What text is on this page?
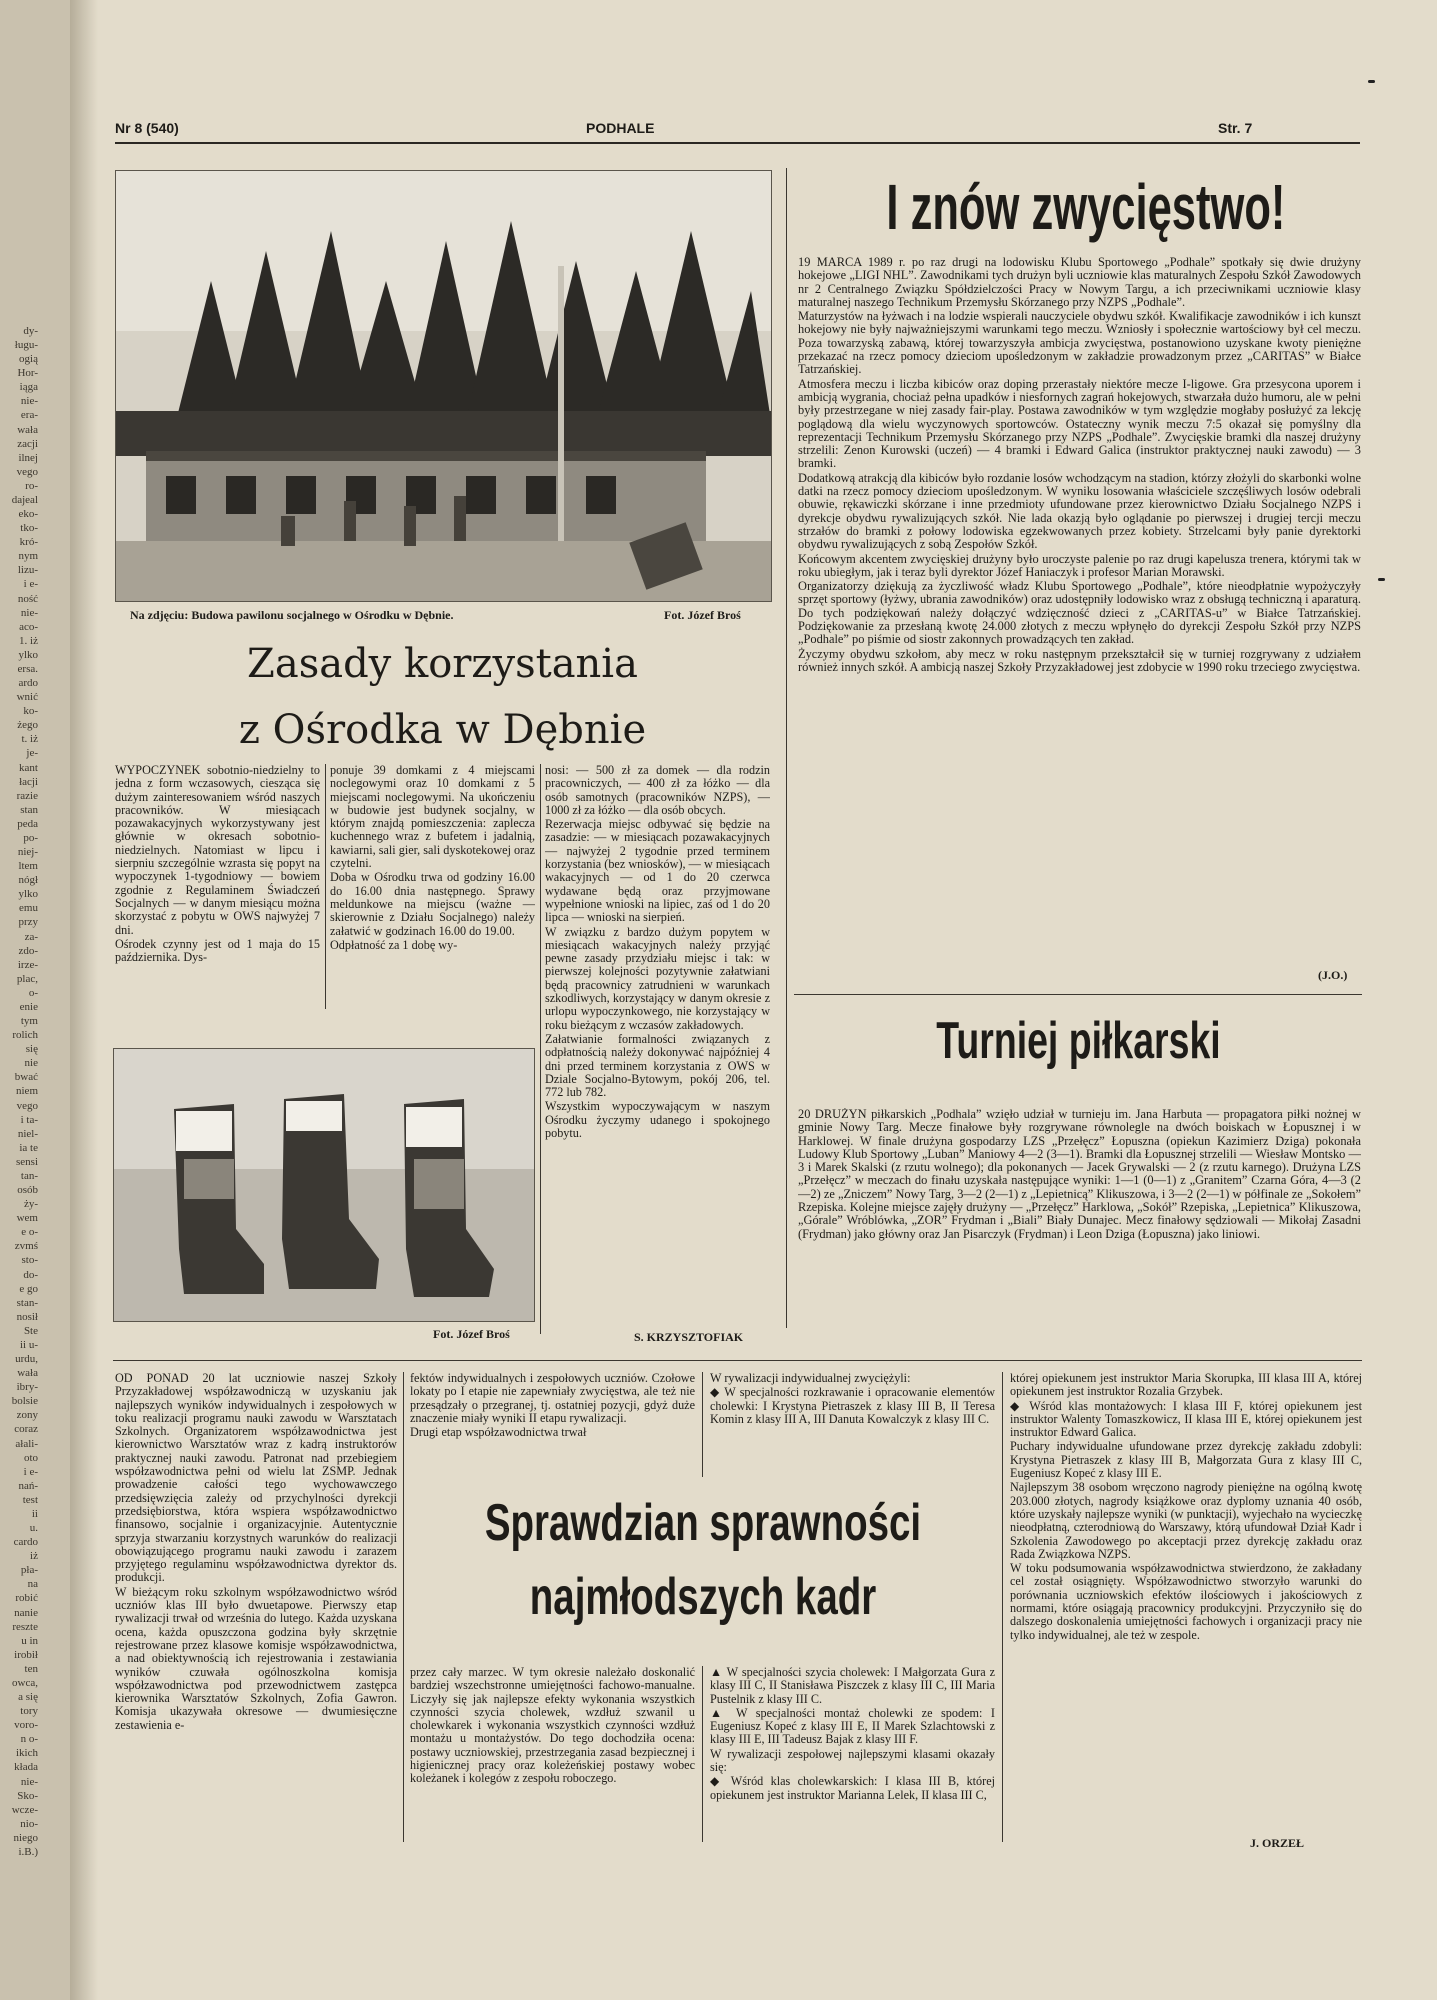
dy-
ługu-
ogią
Hor-
iąga
nie-
era-
wała
zacji
ilnej
vego
ro-
dajeal
eko-
tko-
kró-
nym
lizu-
i e-
ność
nie-
aco-
1. iż
ylko
ersa.
ardo
wnić
ko-
żego
t. iż
je-
kant
łacji
razie
stan
peda
po-
niej-
ltem
nógł
ylko
emu
przy
za-
zdo-
irze-
plac,
o-
enie
tym
rolich
się
nie
bwać
niem
vego
i ta-
niel-
ia te
sensi
tan-
osób
ży-
wem
e o-
zvmś
sto-
do-
e go
stan-
nosił
Ste
ii u-
urdu,
wała
ibry-
bolsie
zony
coraz
ałali-
oto
i e-
nań-
test
ii
u.
cardo
iż
pła-
na
robić
nanie
reszte
u in
irobił
ten
owca,
a się
tory
voro-
n o-
ikich
kłada
nie-
Sko-
wcze-
nio-
niego
i.B.)
Nr 8 (540)	PODHALE	Str. 7
Na zdjęciu: Budowa pawilonu socjalnego w Ośrodku w Dębnie.	Fot. Józef Broś
Zasady korzystania
z Ośrodka w Dębnie

WYPOCZYNEK sobotnio-niedzielny to jedna z form wczasowych, ciesząca się dużym zainteresowaniem wśród naszych pracowników. W miesiącach pozawakacyjnych wykorzystywany jest głównie w okresach sobotnio-niedzielnych. Natomiast w lipcu i sierpniu szczególnie wzrasta się popyt na wypoczynek 1-tygodniowy — bowiem zgodnie z Regulaminem Świadczeń Socjalnych — w danym miesiącu można skorzystać z pobytu w OWS najwyżej 7 dni.

Ośrodek czynny jest od 1 maja do 15 października. Dys-

ponuje 39 domkami z 4 miejscami noclegowymi oraz 10 domkami z 5 miejscami noclegowymi. Na ukończeniu w budowie jest budynek socjalny, w którym znajdą pomieszczenia: zaplecza kuchennego wraz z bufetem i jadalnią, kawiarni, sali gier, sali dyskotekowej oraz czytelni.

Doba w Ośrodku trwa od godziny 16.00 do 16.00 dnia następnego. Sprawy meldunkowe na miejscu (ważne — skierownie z Działu Socjalnego) należy załatwić w godzinach 16.00 do 19.00.

Odpłatność za 1 dobę wy-

nosi: — 500 zł za domek — dla rodzin pracowniczych, — 400 zł za łóżko — dla osób samotnych (pracowników NZPS), — 1000 zł za łóżko — dla osób obcych.

Rezerwacja miejsc odbywać się będzie na zasadzie: — w miesiącach pozawakacyjnych — najwyżej 2 tygodnie przed terminem korzystania (bez wniosków), — w miesiącach wakacyjnych — od 1 do 20 czerwca wydawane będą oraz przyjmowane wypełnione wnioski na lipiec, zaś od 1 do 20 lipca — wnioski na sierpień.

W związku z bardzo dużym popytem w miesiącach wakacyjnych należy przyjąć pewne zasady przydziału miejsc i tak: w pierwszej kolejności pozytywnie załatwiani będą pracownicy zatrudnieni w warunkach szkodliwych, korzystający w danym okresie z urlopu wypoczynkowego, nie korzystający w roku bieżącym z wczasów zakładowych.

Załatwianie formalności związanych z odpłatnością należy dokonywać najpóźniej 4 dni przed terminem korzystania z OWS w Dziale Socjalno-Bytowym, pokój 206, tel. 772 lub 782.

Wszystkim wypoczywającym w naszym Ośrodku życzymy udanego i spokojnego pobytu.

S. KRZYSZTOFIAK
Fot. Józef Broś
I znów zwycięstwo!

19 MARCA 1989 r. po raz drugi na lodowisku Klubu Sportowego „Podhale” spotkały się dwie drużyny hokejowe „LIGI NHL”. Zawodnikami tych drużyn byli uczniowie klas maturalnych Zespołu Szkół Zawodowych nr 2 Centralnego Związku Spółdzielczości Pracy w Nowym Targu, a ich przeciwnikami uczniowie klasy maturalnej naszego Technikum Przemysłu Skórzanego przy NZPS „Podhale”.

Maturzystów na łyżwach i na lodzie wspierali nauczyciele obydwu szkół. Kwalifikacje zawodników i ich kunszt hokejowy nie były najważniejszymi warunkami tego meczu. Wzniosły i społecznie wartościowy był cel meczu. Poza towarzyską zabawą, której towarzyszyła ambicja zwycięstwa, postanowiono uzyskane kwoty pieniężne przekazać na rzecz pomocy dzieciom upośledzonym w zakładzie prowadzonym przez „CARITAS” w Białce Tatrzańskiej.

Atmosfera meczu i liczba kibiców oraz doping przerastały niektóre mecze I-ligowe. Gra przesycona uporem i ambicją wygrania, chociaż pełna upadków i niesfornych zagrań hokejowych, stwarzała dużo humoru, ale w pełni były przestrzegane w niej zasady fair-play. Postawa zawodników w tym względzie mogłaby posłużyć za lekcję poglądową dla wielu wyczynowych sportowców. Ostateczny wynik meczu 7:5 okazał się pomyślny dla reprezentacji Technikum Przemysłu Skórzanego przy NZPS „Podhale”. Zwycięskie bramki dla naszej drużyny strzelili: Zenon Kurowski (uczeń) — 4 bramki i Edward Galica (instruktor praktycznej nauki zawodu) — 3 bramki.

Dodatkową atrakcją dla kibiców było rozdanie losów wchodzącym na stadion, którzy złożyli do skarbonki wolne datki na rzecz pomocy dzieciom upośledzonym. W wyniku losowania właściciele szczęśliwych losów odebrali obuwie, rękawiczki skórzane i inne przedmioty ufundowane przez kierownictwo Działu Socjalnego NZPS i dyrekcje obydwu rywalizujących szkół. Nie lada okazją było oglądanie po pierwszej i drugiej tercji meczu strzałów do bramki z połowy lodowiska egzekwowanych przez kobiety. Strzelcami były panie dyrektorki obydwu rywalizujących z sobą Zespołów Szkół.

Końcowym akcentem zwycięskiej drużyny było uroczyste palenie po raz drugi kapelusza trenera, którymi tak w roku ubiegłym, jak i teraz byli dyrektor Józef Haniaczyk i profesor Marian Morawski.

Organizatorzy dziękują za życzliwość władz Klubu Sportowego „Podhale”, które nieodpłatnie wypożyczyły sprzęt sportowy (łyżwy, ubrania zawodników) oraz udostępniły lodowisko wraz z obsługą techniczną i aparaturą. Do tych podziękowań należy dołączyć wdzięczność dzieci z „CARITAS-u” w Białce Tatrzańskiej. Podziękowanie za przesłaną kwotę 24.000 złotych z meczu wpłynęło do dyrekcji Zespołu Szkół przy NZPS „Podhale” po piśmie od siostr zakonnych prowadzących ten zakład.

Życzymy obydwu szkołom, aby mecz w roku następnym przekształcił się w turniej rozgrywany z udziałem również innych szkół. A ambicją naszej Szkoły Przyzakładowej jest zdobycie w 1990 roku trzeciego zwycięstwa.

(J.O.)
Turniej piłkarski

20 DRUŻYN piłkarskich „Podhala” wzięło udział w turnieju im. Jana Harbuta — propagatora piłki nożnej w gminie Nowy Targ. Mecze finałowe były rozgrywane równolegle na dwóch boiskach w Łopusznej i w Harklowej. W finale drużyna gospodarzy LZS „Przełęcz” Łopuszna (opiekun Kazimierz Dziga) pokonała Ludowy Klub Sportowy „Luban” Maniowy 4—2 (3—1). Bramki dla Łopusznej strzelili — Wiesław Montsko — 3 i Marek Skalski (z rzutu wolnego); dla pokonanych — Jacek Grywalski — 2 (z rzutu karnego). Drużyna LZS „Przełęcz” w meczach do finału uzyskała następujące wyniki: 1—1 (0—1) z „Granitem” Czarna Góra, 4—3 (2—2) ze „Zniczem” Nowy Targ, 3—2 (2—1) z „Lepietnicą” Klikuszowa, i 3—2 (2—1) w półfinale ze „Sokołem” Rzepiska. Kolejne miejsce zajęły drużyny — „Przełęcz” Harklowa, „Sokół” Rzepiska, „Lepietnica” Klikuszowa, „Górale” Wróblówka, „ZOR” Frydman i „Biali” Biały Dunajec. Mecz finałowy sędziowali — Mikołaj Zasadni (Frydman) jako główny oraz Jan Pisarczyk (Frydman) i Leon Dziga (Łopuszna) jako liniowi.

OD PONAD 20 lat uczniowie naszej Szkoły Przyzakładowej współzawodniczą w uzyskaniu jak najlepszych wyników indywidualnych i zespołowych w toku realizacji programu nauki zawodu w Warsztatach Szkolnych. Organizatorem współzawodnictwa jest kierownictwo Warsztatów wraz z kadrą instruktorów praktycznej nauki zawodu. Patronat nad przebiegiem współzawodnictwa pełni od wielu lat ZSMP. Jednak prowadzenie całości tego wychowawczego przedsięwzięcia zależy od przychylności dyrekcji przedsiębiorstwa, która wspiera współzawodnictwo finansowo, socjalnie i organizacyjnie. Autentycznie sprzyja stwarzaniu korzystnych warunków do realizacji obowiązującego programu nauki zawodu i zarazem przyjętego regulaminu współzawodnictwa dyrektor ds. produkcji.

W bieżącym roku szkolnym współzawodnictwo wśród uczniów klas III było dwuetapowe. Pierwszy etap rywalizacji trwał od września do lutego. Każda uzyskana ocena, każda opuszczona godzina były skrzętnie rejestrowane przez klasowe komisje współzawodnictwa, a nad obiektywnością ich rejestrowania i zestawiania wyników czuwała ogólnoszkolna komisja współzawodnictwa pod przewodnictwem zastępca kierownika Warsztatów Szkolnych, Zofia Gawron. Komisja ukazywała okresowe — dwumiesięczne zestawienia e-

fektów indywidualnych i zespołowych uczniów. Czołowe lokaty po I etapie nie zapewniały zwycięstwa, ale też nie przesądzały o przegranej, tj. ostatniej pozycji, gdyż duże znaczenie miały wyniki II etapu rywalizacji.

Drugi etap współzawodnictwa trwał

W rywalizacji indywidualnej zwyciężyli:

◆ W specjalności rozkrawanie i opracowanie elementów cholewki: I Krystyna Pietraszek z klasy III B, II Teresa Komin z klasy III A, III Danuta Kowalczyk z klasy III C.

Sprawdzian sprawności
najmłodszych kadr

przez cały marzec. W tym okresie należało doskonalić bardziej wszechstronne umiejętności fachowo-manualne. Liczyły się jak najlepsze efekty wykonania wszystkich czynności szycia cholewek, wzdłuż szwanil u cholewkarek i wykonania wszystkich czynności wzdłuż montażu u montażystów. Do tego dochodziła ocena: postawy uczniowskiej, przestrzegania zasad bezpiecznej i higienicznej pracy oraz koleżeńskiej postawy wobec koleżanek i kolegów z zespołu roboczego.

▲ W specjalności szycia cholewek: I Małgorzata Gura z klasy III C, II Stanisława Piszczek z klasy III C, III Maria Pustelnik z klasy III C.

▲ W specjalności montaż cholewki ze spodem: I Eugeniusz Kopeć z klasy III E, II Marek Szlachtowski z klasy III E, III Tadeusz Bajak z klasy III F.

W rywalizacji zespołowej najlepszymi klasami okazały się:

◆ Wśród klas cholewkarskich: I klasa III B, której opiekunem jest instruktor Marianna Lelek, II klasa III C,

której opiekunem jest instruktor Maria Skorupka, III klasa III A, której opiekunem jest instruktor Rozalia Grzybek.

◆ Wśród klas montażowych: I klasa III F, której opiekunem jest instruktor Walenty Tomaszkowicz, II klasa III E, której opiekunem jest instruktor Edward Galica.

Puchary indywidualne ufundowane przez dyrekcję zakładu zdobyli: Krystyna Pietraszek z klasy III B, Małgorzata Gura z klasy III C, Eugeniusz Kopeć z klasy III E.

Najlepszym 38 osobom wręczono nagrody pieniężne na ogólną kwotę 203.000 złotych, nagrody książkowe oraz dyplomy uznania 40 osób, które uzyskały najlepsze wyniki (w punktacji), wyjechało na wycieczkę nieodpłatną, czterodniową do Warszawy, którą ufundował Dział Kadr i Szkolenia Zawodowego po akceptacji przez dyrekcję zakładu oraz Rada Związkowa NZPS.

W toku podsumowania współzawodnictwa stwierdzono, że zakładany cel został osiągnięty. Współzawodnictwo stworzyło warunki do porównania uczniowskich efektów ilościowych i jakościowych z normami, które osiągają pracownicy produkcyjni. Przyczyniło się do dalszego doskonalenia umiejętności fachowych i organizacji pracy nie tylko indywidualnej, ale też w zespole.

J. ORZEŁ
